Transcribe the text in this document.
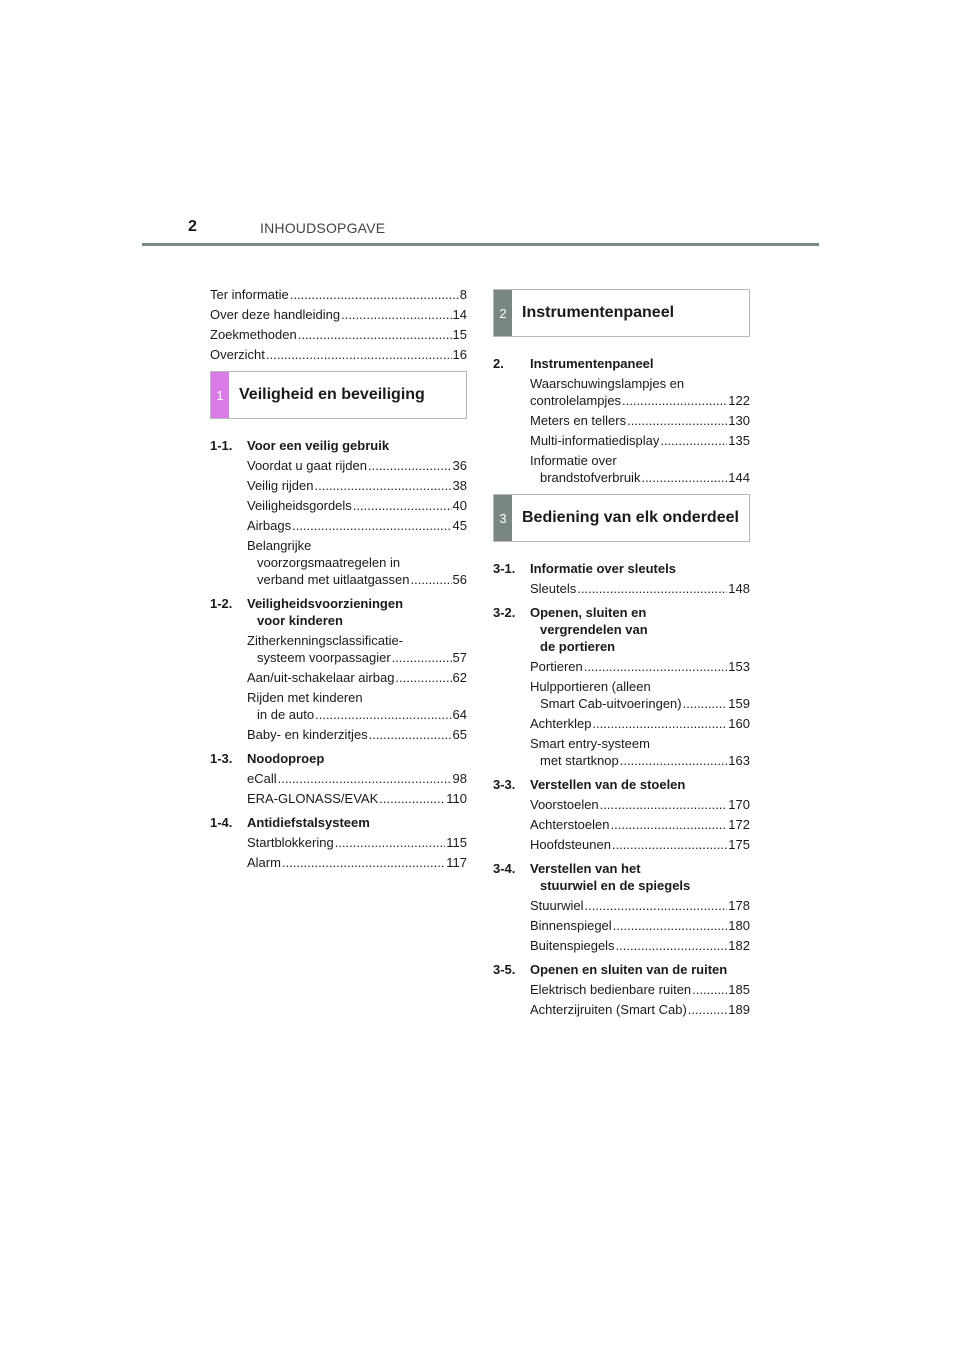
2	INHOUDSOPGAVE
Ter informatie .....	8
Over deze handleiding .....	14
Zoekmethoden .....	15
Overzicht .....	16
1 Veiligheid en beveiliging
1-1.	Voor een veilig gebruik
Voordat u gaat rijden .....	36
Veilig rijden .....	38
Veiligheidsgordels .....	40
Airbags .....	45
Belangrijke
voorzorgsmaatregelen in
verband met uitlaatgassen .....	56
1-2.	Veiligheidsvoorzieningen
voor kinderen
Zitherkenningsclassificatie-
systeem voorpassagier .....	57
Aan/uit-schakelaar airbag .....	62
Rijden met kinderen
in de auto .....	64
Baby- en kinderzitjes .....	65
1-3.	Noodoproep
eCall .....	98
ERA-GLONASS/EVAK .....	110
1-4.	Antidiefstalsysteem
Startblokkering .....	115
Alarm .....	117
2 Instrumentenpaneel
2.	Instrumentenpaneel
Waarschuwingslampjes en
controlelampjes .....	122
Meters en tellers .....	130
Multi-informatiedisplay .....	135
Informatie over
brandstofverbruik .....	144
3 Bediening van elk onderdeel
3-1.	Informatie over sleutels
Sleutels .....	148
3-2.	Openen, sluiten en
vergrendelen van
de portieren
Portieren .....	153
Hulpportieren (alleen
Smart Cab-uitvoeringen) .....	159
Achterklep .....	160
Smart entry-systeem
met startknop .....	163
3-3.	Verstellen van de stoelen
Voorstoelen .....	170
Achterstoelen .....	172
Hoofdsteunen .....	175
3-4.	Verstellen van het
stuurwiel en de spiegels
Stuurwiel .....	178
Binnenspiegel .....	180
Buitenspiegels .....	182
3-5.	Openen en sluiten van de ruiten
Elektrisch bedienbare ruiten .....	185
Achterzijruiten (Smart Cab) .....	189
